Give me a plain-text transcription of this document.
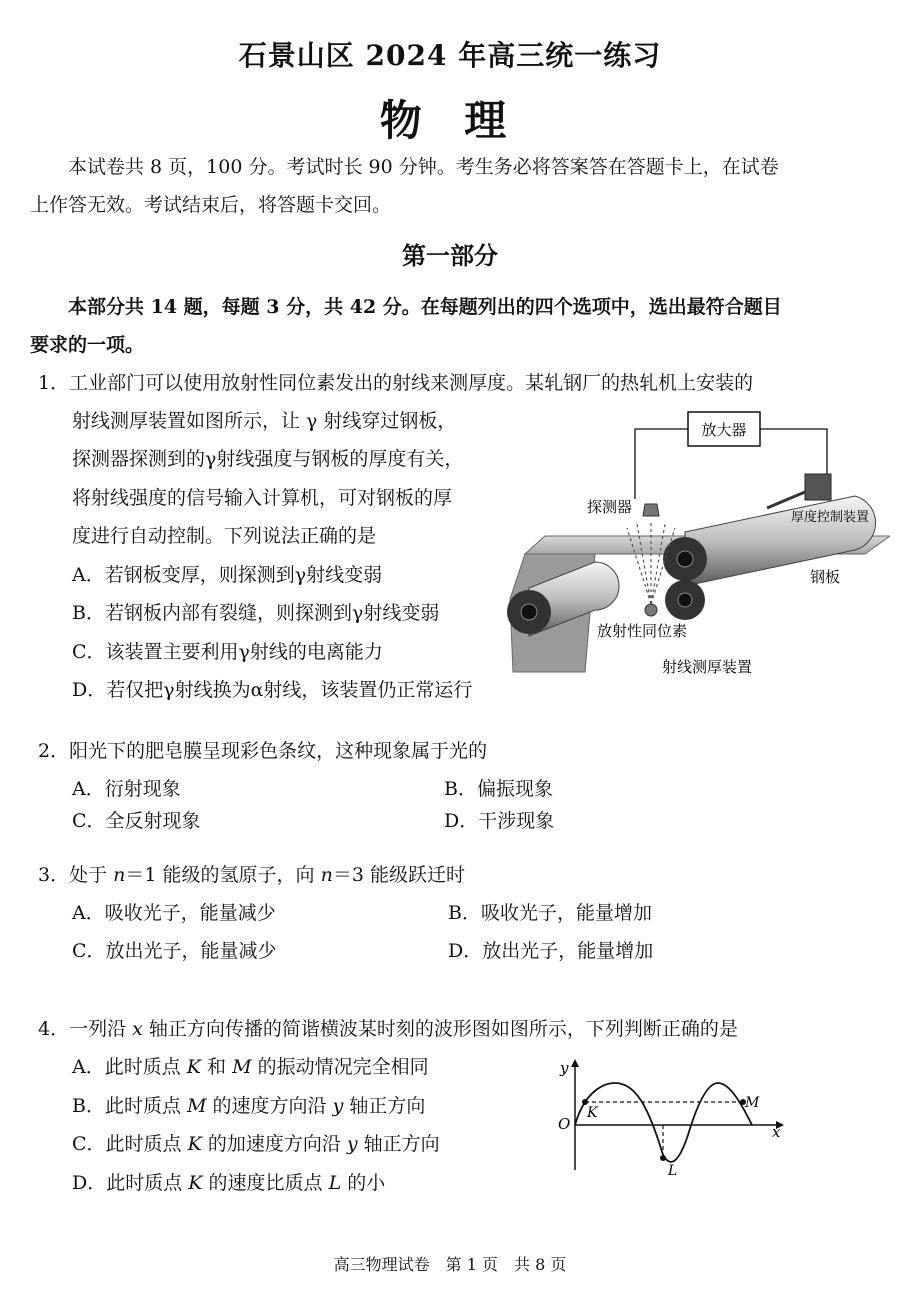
石景山区 2024 年高三统一练习
物 理
本试卷共 8 页，100 分。考试时长 90 分钟。考生务必将答案答在答题卡上，在试卷
上作答无效。考试结束后，将答题卡交回。
第一部分
本部分共 14 题，每题 3 分，共 42 分。在每题列出的四个选项中，选出最符合题目
要求的一项。
1．工业部门可以使用放射性同位素发出的射线来测厚度。某轧钢厂的热轧机上安装的
射线测厚装置如图所示，让 γ 射线穿过钢板，
探测器探测到的γ射线强度与钢板的厚度有关，
将射线强度的信号输入计算机，可对钢板的厚
度进行自动控制。下列说法正确的是
A．若钢板变厚，则探测到γ射线变弱
B．若钢板内部有裂缝，则探测到γ射线变弱
C．该装置主要利用γ射线的电离能力
D．若仅把γ射线换为α射线，该装置仍正常运行
放大器
探测器
厚度控制装置
钢板
放射性同位素
射线测厚装置
2．阳光下的肥皂膜呈现彩色条纹，这种现象属于光的
A．衍射现象	B．偏振现象
C．全反射现象	D．干涉现象
3．处于 n＝1 能级的氢原子，向 n＝3 能级跃迁时
A．吸收光子，能量减少	B．吸收光子，能量增加
C．放出光子，能量减少	D．放出光子，能量增加
4．一列沿 x 轴正方向传播的简谐横波某时刻的波形图如图所示，下列判断正确的是
A．此时质点 K 和 M 的振动情况完全相同
B．此时质点 M 的速度方向沿 y 轴正方向
C．此时质点 K 的加速度方向沿 y 轴正方向
D．此时质点 K 的速度比质点 L 的小
y
x
O
K
M
L
高三物理试卷　第 1 页　共 8 页
